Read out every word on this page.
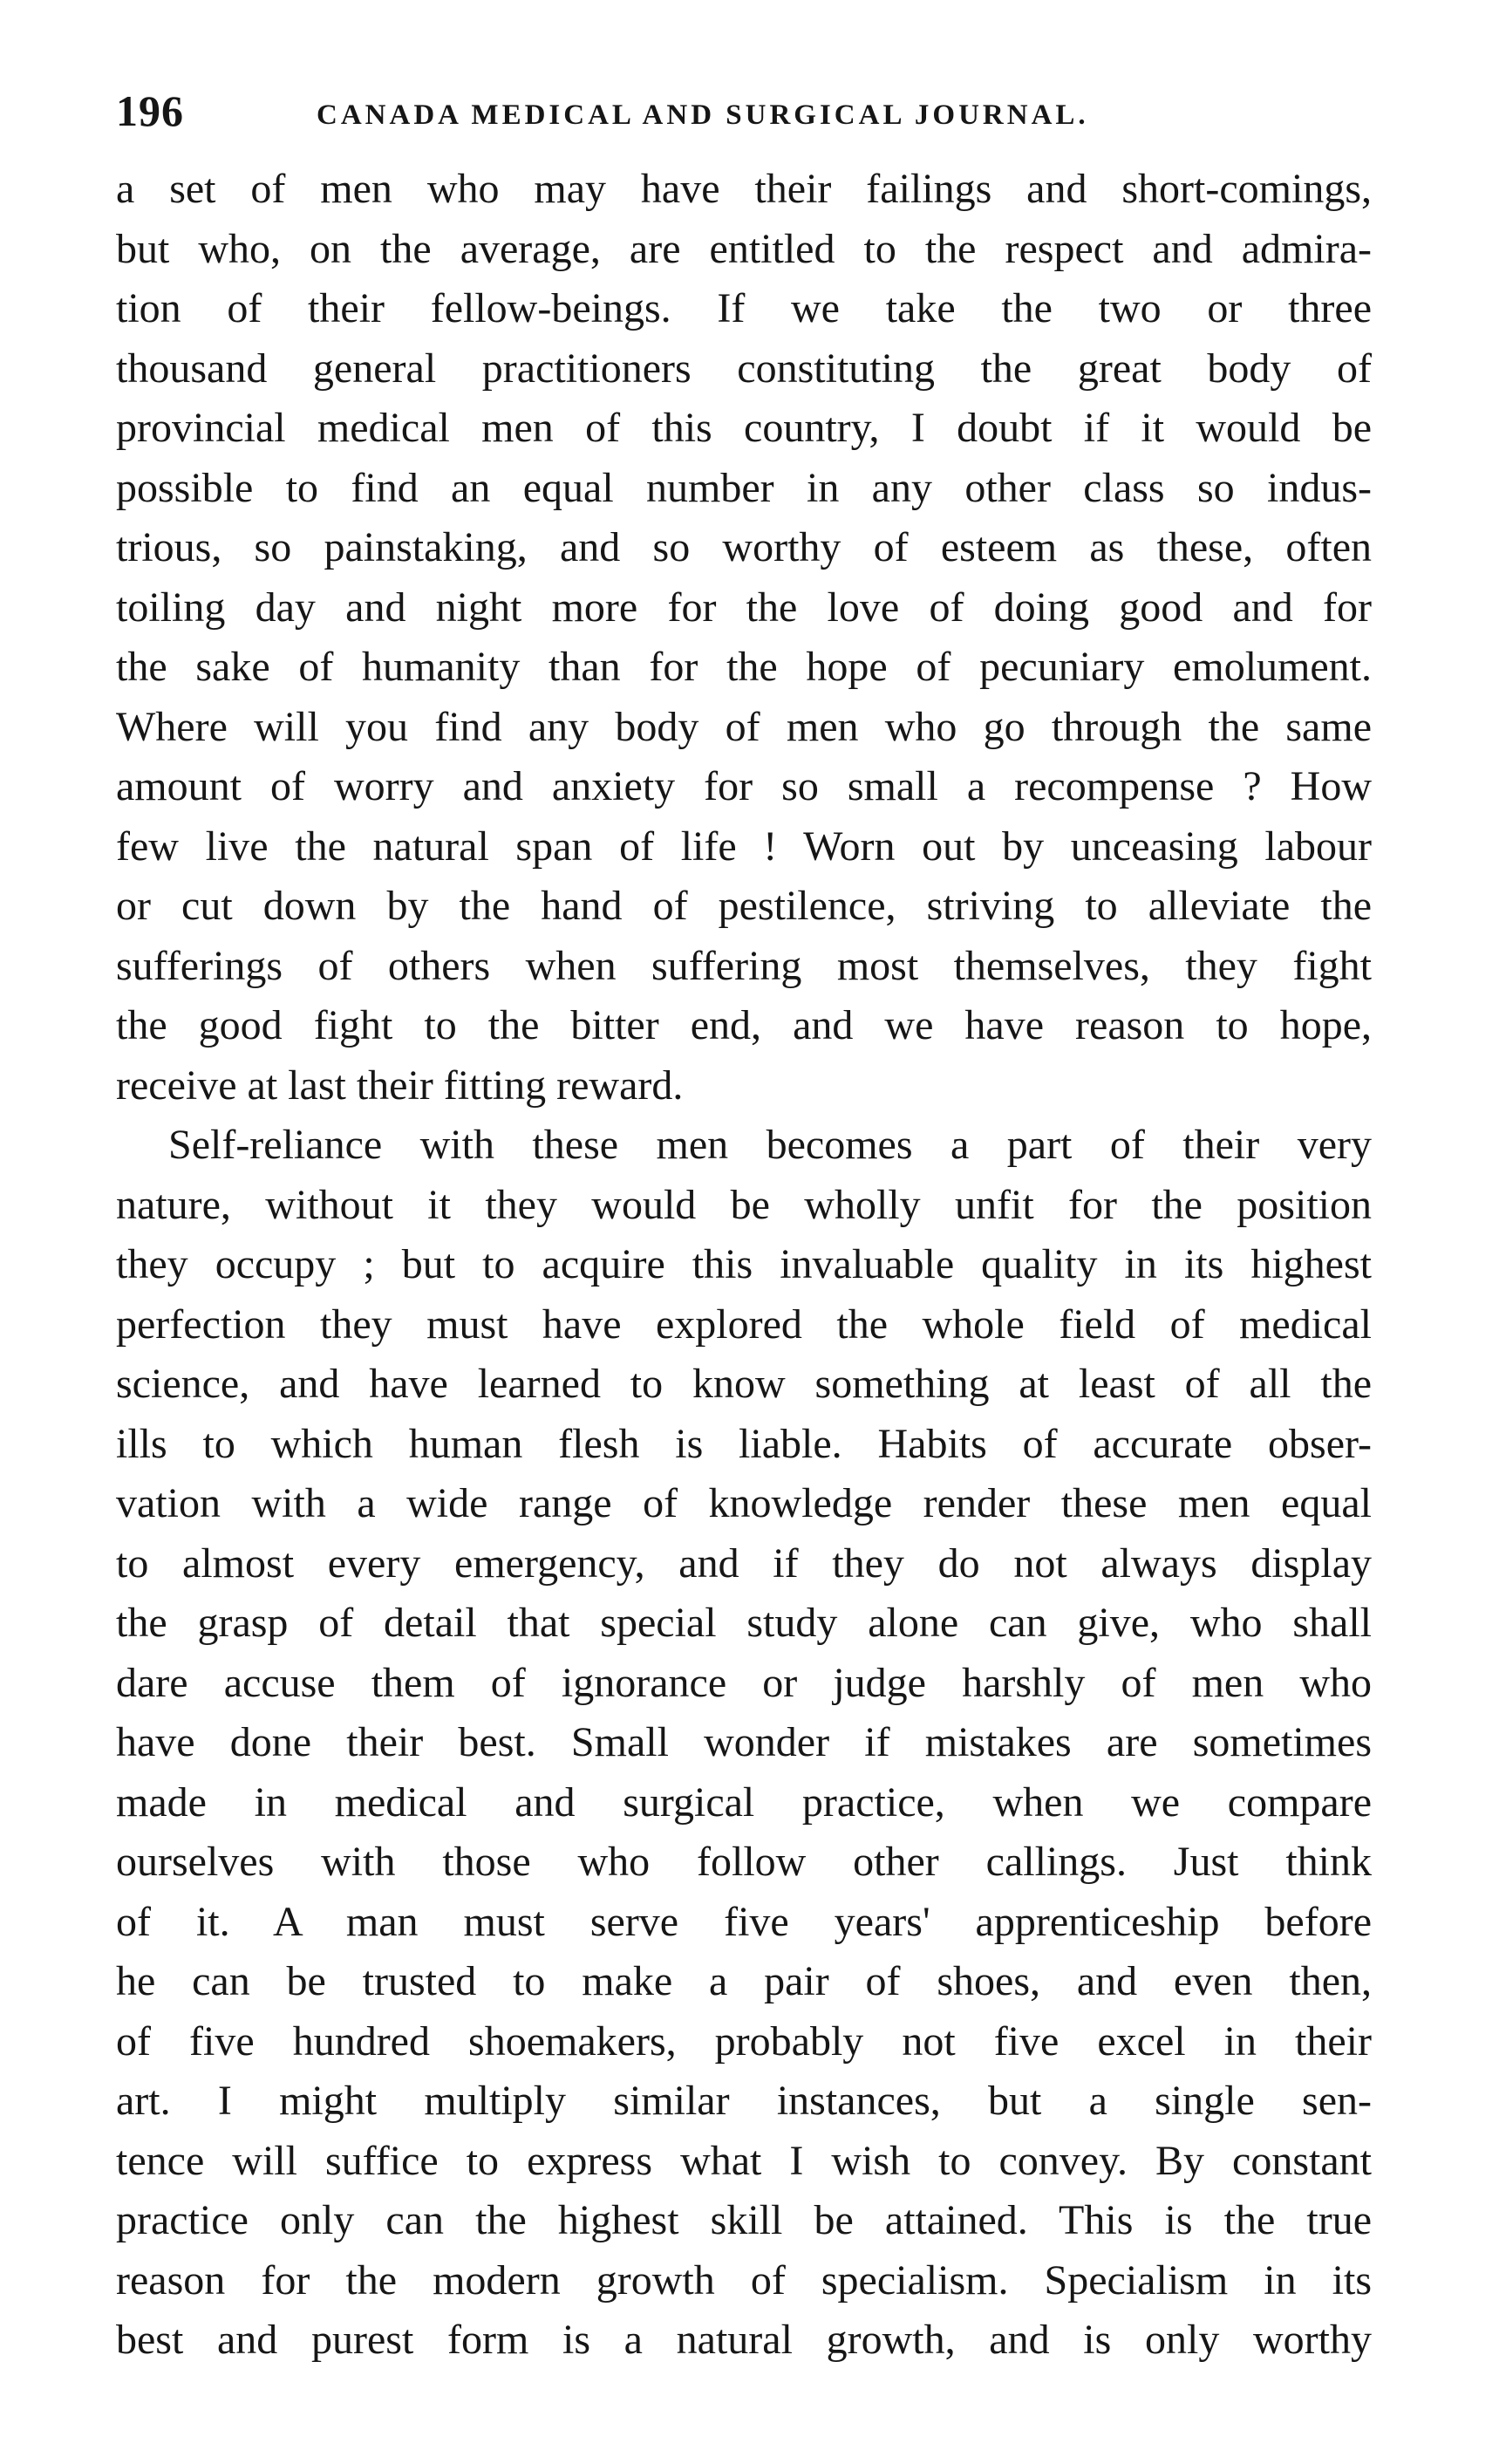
196	CANADA MEDICAL AND SURGICAL JOURNAL.
a set of men who may have their failings and short-comings,
but who, on the average, are entitled to the respect and admira-
tion of their fellow-beings. If we take the two or three
thousand general practitioners constituting the great body of
provincial medical men of this country, I doubt if it would be
possible to find an equal number in any other class so indus-
trious, so painstaking, and so worthy of esteem as these, often
toiling day and night more for the love of doing good and for
the sake of humanity than for the hope of pecuniary emolument.
Where will you find any body of men who go through the same
amount of worry and anxiety for so small a recompense ? How
few live the natural span of life ! Worn out by unceasing labour
or cut down by the hand of pestilence, striving to alleviate the
sufferings of others when suffering most themselves, they fight
the good fight to the bitter end, and we have reason to hope,
receive at last their fitting reward.
Self-reliance with these men becomes a part of their very
nature, without it they would be wholly unfit for the position
they occupy ; but to acquire this invaluable quality in its highest
perfection they must have explored the whole field of medical
science, and have learned to know something at least of all the
ills to which human flesh is liable. Habits of accurate obser-
vation with a wide range of knowledge render these men equal
to almost every emergency, and if they do not always display
the grasp of detail that special study alone can give, who shall
dare accuse them of ignorance or judge harshly of men who
have done their best. Small wonder if mistakes are sometimes
made in medical and surgical practice, when we compare
ourselves with those who follow other callings. Just think
of it. A man must serve five years' apprenticeship before
he can be trusted to make a pair of shoes, and even then,
of five hundred shoemakers, probably not five excel in their
art. I might multiply similar instances, but a single sen-
tence will suffice to express what I wish to convey. By constant
practice only can the highest skill be attained. This is the true
reason for the modern growth of specialism. Specialism in its
best and purest form is a natural growth, and is only worthy
